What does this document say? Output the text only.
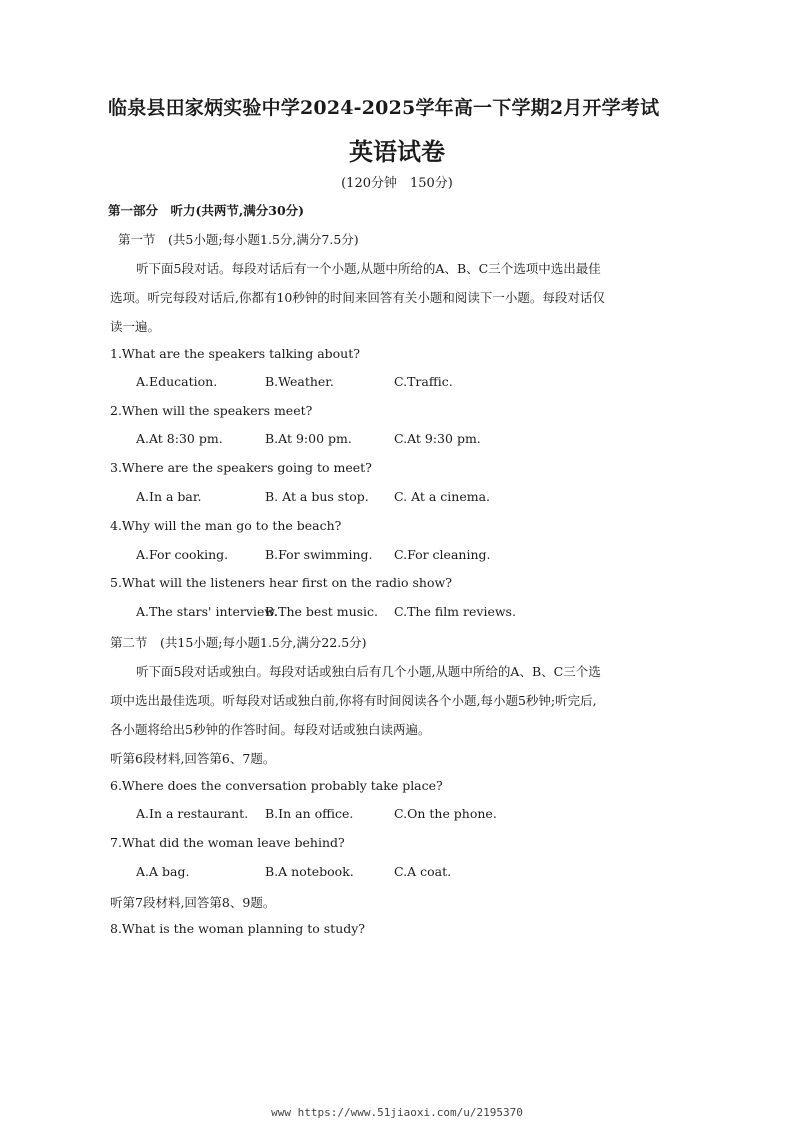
临泉县田家炳实验中学2024-2025学年高一下学期2月开学考试
英语试卷
(120分钟　150分)
第一部分　听力(共两节,满分30分)
第一节　(共5小题;每小题1.5分,满分7.5分)
听下面5段对话。每段对话后有一个小题,从题中所给的A、B、C三个选项中选出最佳
选项。听完每段对话后,你都有10秒钟的时间来回答有关小题和阅读下一小题。每段对话仅
读一遍。
1.What are the speakers talking about?
A.Education.	B.Weather.	C.Traffic.
2.When will the speakers meet?
A.At 8:30 pm.	B.At 9:00 pm.	C.At 9:30 pm.
3.Where are the speakers going to meet?
A.In a bar.	B. At a bus stop. C. At a cinema.
4.Why will the man go to the beach?
A.For cooking.	B.For swimming. C.For cleaning.
5.What will the listeners hear first on the radio show?
A.The stars' interview.
B.The best music. C.The film reviews.
第二节　(共15小题;每小题1.5分,满分22.5分)
听下面5段对话或独白。每段对话或独白后有几个小题,从题中所给的A、B、C三个选
项中选出最佳选项。听每段对话或独白前,你将有时间阅读各个小题,每小题5秒钟;听完后,
各小题将给出5秒钟的作答时间。每段对话或独白读两遍。
听第6段材料,回答第6、7题。
6.Where does the conversation probably take place?
A.In a restaurant. B.In an office.	C.On the phone.
7.What did the woman leave behind?
A.A bag.	B.A notebook.	C.A coat.
听第7段材料,回答第8、9题。
8.What is the woman planning to study?
www https://www.51jiaoxi.com/u/2195370
